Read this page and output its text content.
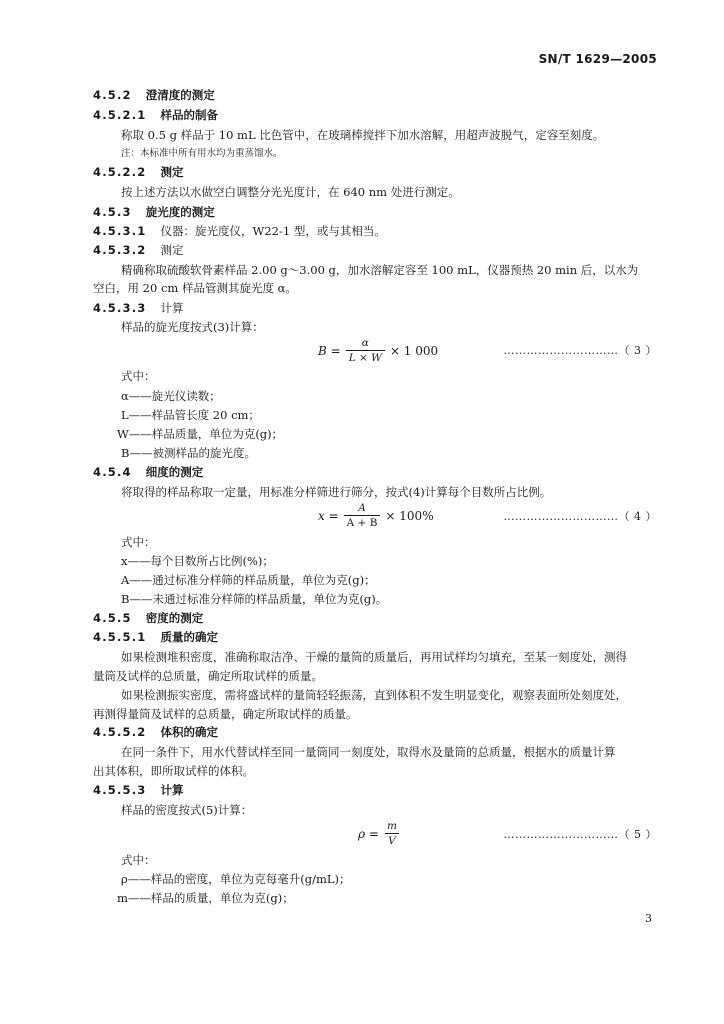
SN/T 1629—2005
4.5.2 澄清度的测定
4.5.2.1 样品的制备
称取 0.5 g 样品于 10 mL 比色管中，在玻璃棒搅拌下加水溶解，用超声波脱气，定容至刻度。
注：本标准中所有用水均为重蒸馏水。
4.5.2.2 测定
按上述方法以水做空白调整分光光度计，在 640 nm 处进行测定。
4.5.3 旋光度的测定
4.5.3.1 仪器：旋光度仪，W22-1 型，或与其相当。
4.5.3.2 测定
精确称取硫酸软骨素样品 2.00 g～3.00 g，加水溶解定容至 100 mL，仪器预热 20 min 后，以水为
空白，用 20 cm 样品管测其旋光度 α。
4.5.3.3 计算
样品的旋光度按式(3)计算：
$B = \frac{\alpha}{L \times W} \times 1$ 000	…………………………（ 3 ）
式中：
α——旋光仪读数；
L——样品管长度 20 cm；
W——样品质量，单位为克(g)；
B——被测样品的旋光度。
4.5.4 细度的测定
将取得的样品称取一定量，用标准分样筛进行筛分，按式(4)计算每个目数所占比例。
$x = \frac{A}{A + B} \times 100\%$	…………………………（ 4 ）
式中：
x——每个目数所占比例(%)；
A——通过标准分样筛的样品质量，单位为克(g)；
B——未通过标准分样筛的样品质量，单位为克(g)。
4.5.5 密度的测定
4.5.5.1 质量的确定
如果检测堆积密度，准确称取洁净、干燥的量筒的质量后，再用试样均匀填充，至某一刻度处，测得
量筒及试样的总质量，确定所取试样的质量。
如果检测振实密度，需将盛试样的量筒轻轻振荡，直到体积不发生明显变化，观察表面所处刻度处，
再测得量筒及试样的总质量，确定所取试样的质量。
4.5.5.2 体积的确定
在同一条件下，用水代替试样至同一量筒同一刻度处，取得水及量筒的总质量，根据水的质量计算
出其体积，即所取试样的体积。
4.5.5.3 计算
样品的密度按式(5)计算：
$\rho = \frac{m}{V}$	…………………………（ 5 ）
式中：
ρ——样品的密度，单位为克每毫升(g/mL)；
m——样品的质量，单位为克(g)；
3
